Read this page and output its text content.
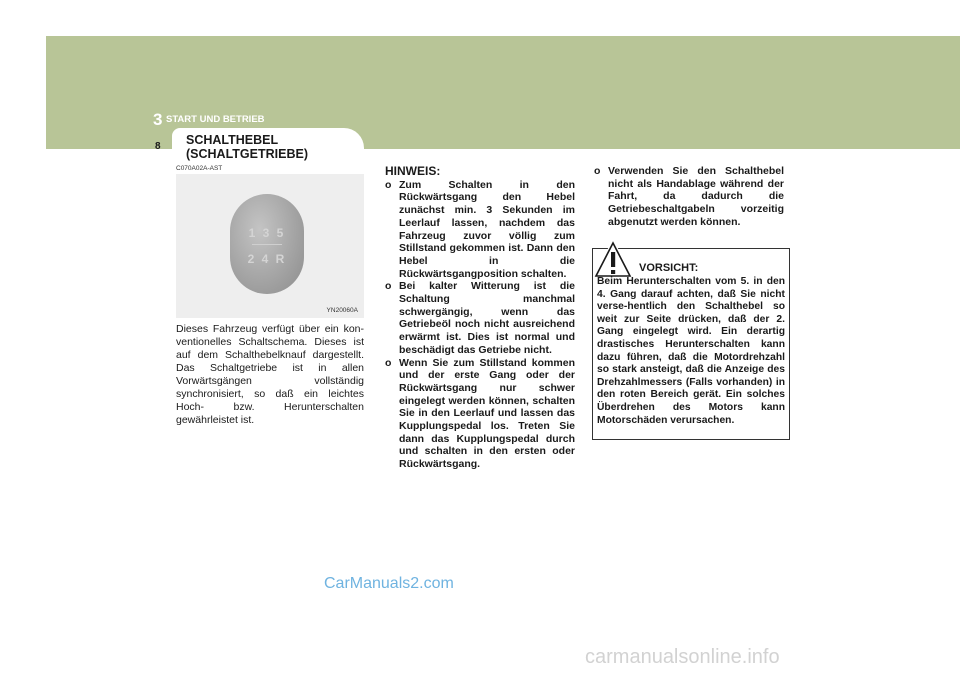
3 START UND BETRIEB
8 SCHALTHEBEL
(SCHALTGETRIEBE)
C070A02A-AST
1 3 5
2 4 R
YN20060A

Dieses Fahrzeug verfügt über ein kon-ventionelles Schaltschema. Dieses ist auf dem Schalthebelknauf dargestellt. Das Schaltgetriebe ist in allen Vorwärtsgängen vollständig synchronisiert, so daß ein leichtes Hoch- bzw. Herunterschalten gewährleistet ist.

HINWEIS:
o Zum Schalten in den Rückwärtsgang den Hebel zunächst min. 3 Sekunden im Leerlauf lassen, nachdem das Fahrzeug zuvor völlig zum Stillstand gekommen ist. Dann den Hebel in die Rückwärtsgangposition schalten.
o Bei kalter Witterung ist die Schaltung manchmal schwergängig, wenn das Getriebeöl noch nicht ausreichend erwärmt ist. Dies ist normal und beschädigt das Getriebe nicht.
o Wenn Sie zum Stillstand kommen und der erste Gang oder der Rückwärtsgang nur schwer eingelegt werden können, schalten Sie in den Leerlauf und lassen das Kupplungspedal los. Treten Sie dann das Kupplungspedal durch und schalten in den ersten oder Rückwärtsgang.
o Verwenden Sie den Schalthebel nicht als Handablage während der Fahrt, da dadurch die Getriebeschaltgabeln vorzeitig abgenutzt werden können.
VORSICHT:

Beim Herunterschalten vom 5. in den 4. Gang darauf achten, daß Sie nicht verse-hentlich den Schalthebel so weit zur Seite drücken, daß der 2. Gang eingelegt wird. Ein derartig drastisches Herunterschalten kann dazu führen, daß die Motordrehzahl so stark ansteigt, daß die Anzeige des Drehzahlmessers (Falls vorhanden) in den roten Bereich gerät. Ein solches Überdrehen des Motors kann Motorschäden verursachen.

CarManuals2.com
carmanualsonline.info
